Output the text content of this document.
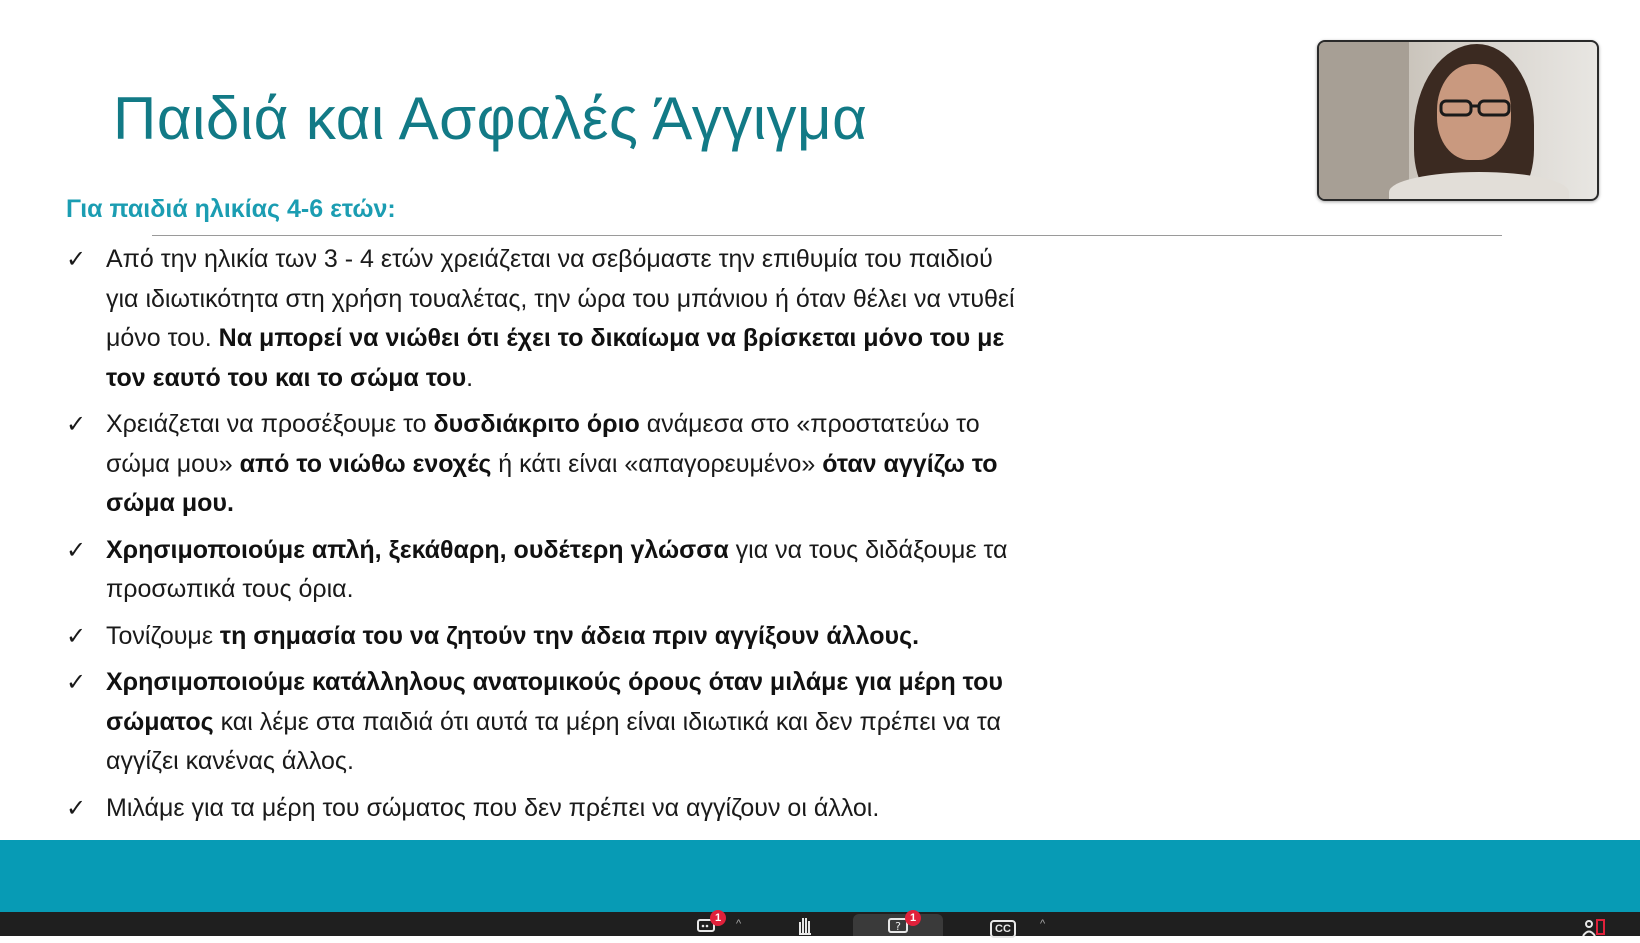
Παιδιά και Ασφαλές Άγγιγμα
Για παιδιά ηλικίας 4-6 ετών:
✓ Από την ηλικία των 3 - 4 ετών χρειάζεται να σεβόμαστε την επιθυμία του παιδιού για ιδιωτικότητα στη χρήση τουαλέτας, την ώρα του μπάνιου ή όταν θέλει να ντυθεί μόνο του. Να μπορεί να νιώθει ότι έχει το δικαίωμα να βρίσκεται μόνο του με τον εαυτό του και το σώμα του.
✓ Χρειάζεται να προσέξουμε το δυσδιάκριτο όριο ανάμεσα στο «προστατεύω το σώμα μου» από το νιώθω ενοχές ή κάτι είναι «απαγορευμένο» όταν αγγίζω το σώμα μου.
✓ Χρησιμοποιούμε απλή, ξεκάθαρη, ουδέτερη γλώσσα για να τους διδάξουμε τα προσωπικά τους όρια.
✓ Τονίζουμε τη σημασία του να ζητούν την άδεια πριν αγγίξουν άλλους.
✓ Χρησιμοποιούμε κατάλληλους ανατομικούς όρους όταν μιλάμε για μέρη του σώματος και λέμε στα παιδιά ότι αυτά τα μέρη είναι ιδιωτικά και δεν πρέπει να τα αγγίζει κανένας άλλος.
✓ Μιλάμε για τα μέρη του σώματος που δεν πρέπει να αγγίζουν οι άλλοι.
1	^	?
1
CC	^
